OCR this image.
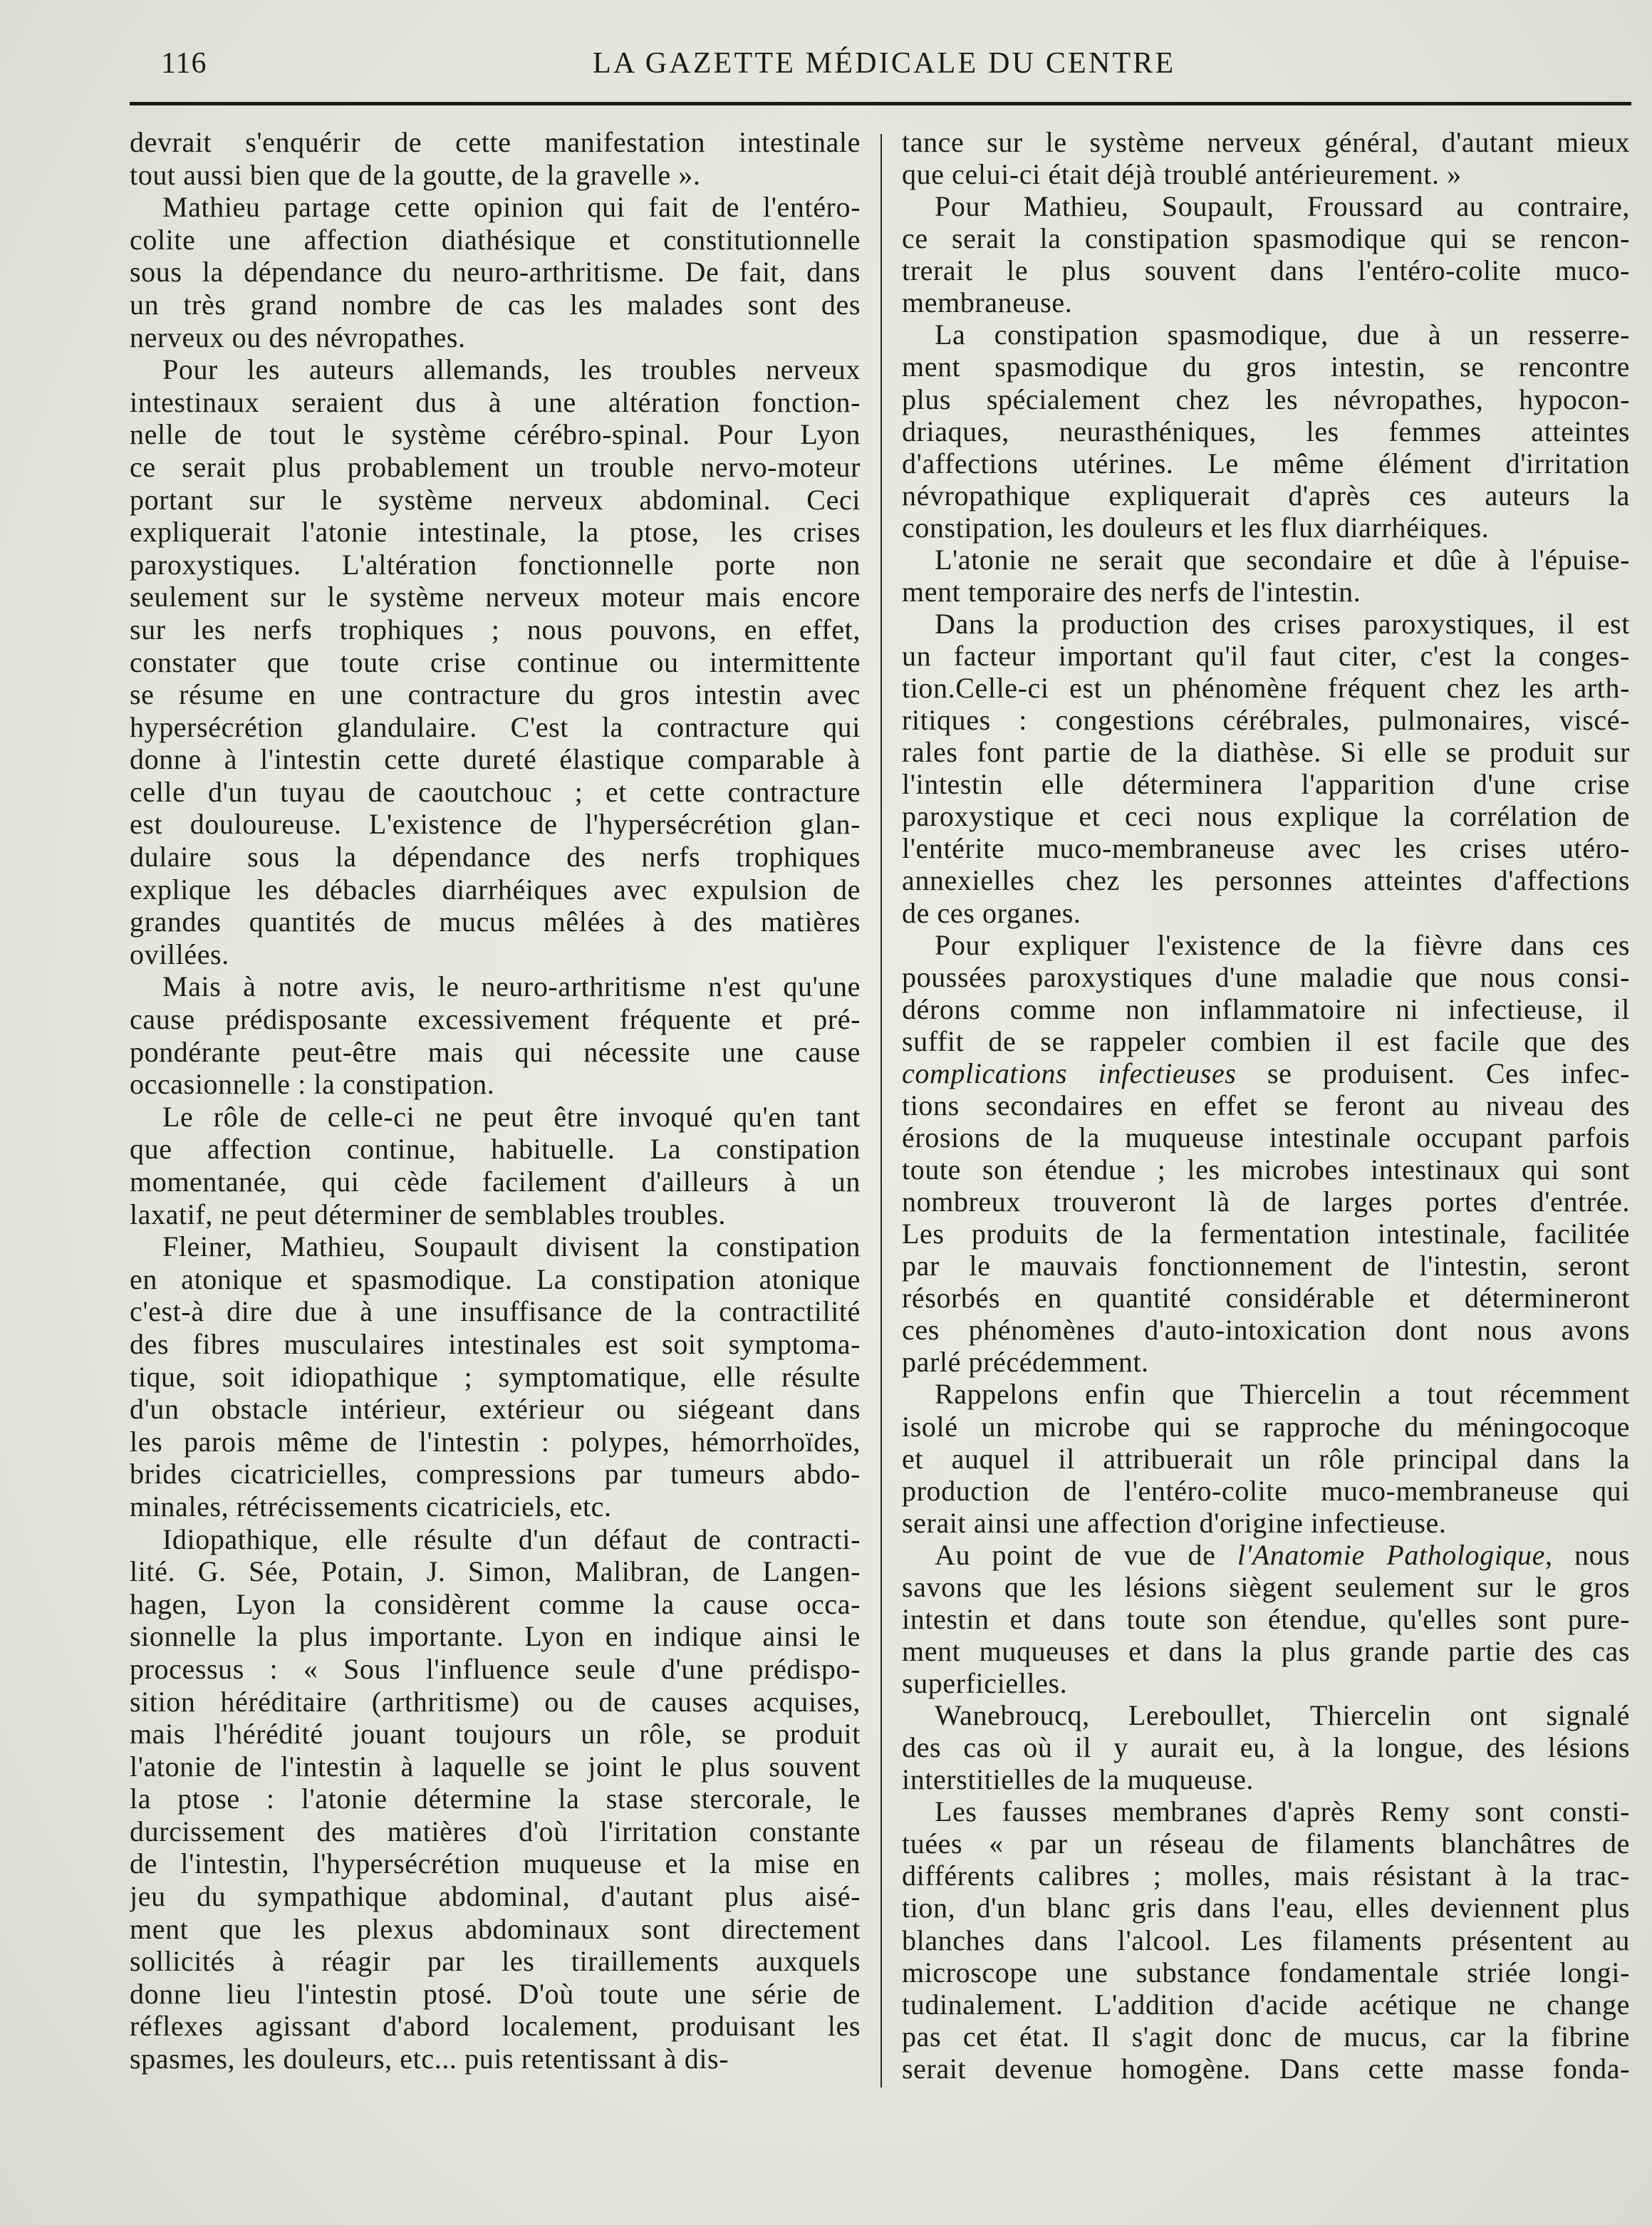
116	LA GAZETTE MÉDICALE DU CENTRE
devrait s'enquérir de cette manifestation intestinale
tout aussi bien que de la goutte, de la gravelle ».
Mathieu partage cette opinion qui fait de l'entéro-
colite une affection diathésique et constitutionnelle
sous la dépendance du neuro-arthritisme. De fait, dans
un très grand nombre de cas les malades sont des
nerveux ou des névropathes.
Pour les auteurs allemands, les troubles nerveux
intestinaux seraient dus à une altération fonction-
nelle de tout le système cérébro-spinal. Pour Lyon
ce serait plus probablement un trouble nervo-moteur
portant sur le système nerveux abdominal. Ceci
expliquerait l'atonie intestinale, la ptose, les crises
paroxystiques. L'altération fonctionnelle porte non
seulement sur le système nerveux moteur mais encore
sur les nerfs trophiques ; nous pouvons, en effet,
constater que toute crise continue ou intermittente
se résume en une contracture du gros intestin avec
hypersécrétion glandulaire. C'est la contracture qui
donne à l'intestin cette dureté élastique comparable à
celle d'un tuyau de caoutchouc ; et cette contracture
est douloureuse. L'existence de l'hypersécrétion glan-
dulaire sous la dépendance des nerfs trophiques
explique les débacles diarrhéiques avec expulsion de
grandes quantités de mucus mêlées à des matières
ovillées.
Mais à notre avis, le neuro-arthritisme n'est qu'une
cause prédisposante excessivement fréquente et pré-
pondérante peut-être mais qui nécessite une cause
occasionnelle : la constipation.
Le rôle de celle-ci ne peut être invoqué qu'en tant
que affection continue, habituelle. La constipation
momentanée, qui cède facilement d'ailleurs à un
laxatif, ne peut déterminer de semblables troubles.
Fleiner, Mathieu, Soupault divisent la constipation
en atonique et spasmodique. La constipation atonique
c'est-à dire due à une insuffisance de la contractilité
des fibres musculaires intestinales est soit symptoma-
tique, soit idiopathique ; symptomatique, elle résulte
d'un obstacle intérieur, extérieur ou siégeant dans
les parois même de l'intestin : polypes, hémorrhoïdes,
brides cicatricielles, compressions par tumeurs abdo-
minales, rétrécissements cicatriciels, etc.
Idiopathique, elle résulte d'un défaut de contracti-
lité. G. Sée, Potain, J. Simon, Malibran, de Langen-
hagen, Lyon la considèrent comme la cause occa-
sionnelle la plus importante. Lyon en indique ainsi le
processus : « Sous l'influence seule d'une prédispo-
sition héréditaire (arthritisme) ou de causes acquises,
mais l'hérédité jouant toujours un rôle, se produit
l'atonie de l'intestin à laquelle se joint le plus souvent
la ptose : l'atonie détermine la stase stercorale, le
durcissement des matières d'où l'irritation constante
de l'intestin, l'hypersécrétion muqueuse et la mise en
jeu du sympathique abdominal, d'autant plus aisé-
ment que les plexus abdominaux sont directement
sollicités à réagir par les tiraillements auxquels
donne lieu l'intestin ptosé. D'où toute une série de
réflexes agissant d'abord localement, produisant les
spasmes, les douleurs, etc... puis retentissant à dis-
tance sur le système nerveux général, d'autant mieux
que celui-ci était déjà troublé antérieurement. »
Pour Mathieu, Soupault, Froussard au contraire,
ce serait la constipation spasmodique qui se rencon-
trerait le plus souvent dans l'entéro-colite muco-
membraneuse.
La constipation spasmodique, due à un resserre-
ment spasmodique du gros intestin, se rencontre
plus spécialement chez les névropathes, hypocon-
driaques, neurasthéniques, les femmes atteintes
d'affections utérines. Le même élément d'irritation
névropathique expliquerait d'après ces auteurs la
constipation, les douleurs et les flux diarrhéiques.
L'atonie ne serait que secondaire et dûe à l'épuise-
ment temporaire des nerfs de l'intestin.
Dans la production des crises paroxystiques, il est
un facteur important qu'il faut citer, c'est la conges-
tion.Celle-ci est un phénomène fréquent chez les arth-
ritiques : congestions cérébrales, pulmonaires, viscé-
rales font partie de la diathèse. Si elle se produit sur
l'intestin elle déterminera l'apparition d'une crise
paroxystique et ceci nous explique la corrélation de
l'entérite muco-membraneuse avec les crises utéro-
annexielles chez les personnes atteintes d'affections
de ces organes.
Pour expliquer l'existence de la fièvre dans ces
poussées paroxystiques d'une maladie que nous consi-
dérons comme non inflammatoire ni infectieuse, il
suffit de se rappeler combien il est facile que des
complications infectieuses se produisent. Ces infec-
tions secondaires en effet se feront au niveau des
érosions de la muqueuse intestinale occupant parfois
toute son étendue ; les microbes intestinaux qui sont
nombreux trouveront là de larges portes d'entrée.
Les produits de la fermentation intestinale, facilitée
par le mauvais fonctionnement de l'intestin, seront
résorbés en quantité considérable et détermineront
ces phénomènes d'auto-intoxication dont nous avons
parlé précédemment.
Rappelons enfin que Thiercelin a tout récemment
isolé un microbe qui se rapproche du méningocoque
et auquel il attribuerait un rôle principal dans la
production de l'entéro-colite muco-membraneuse qui
serait ainsi une affection d'origine infectieuse.
Au point de vue de l'Anatomie Pathologique, nous
savons que les lésions siègent seulement sur le gros
intestin et dans toute son étendue, qu'elles sont pure-
ment muqueuses et dans la plus grande partie des cas
superficielles.
Wanebroucq, Lereboullet, Thiercelin ont signalé
des cas où il y aurait eu, à la longue, des lésions
interstitielles de la muqueuse.
Les fausses membranes d'après Remy sont consti-
tuées « par un réseau de filaments blanchâtres de
différents calibres ; molles, mais résistant à la trac-
tion, d'un blanc gris dans l'eau, elles deviennent plus
blanches dans l'alcool. Les filaments présentent au
microscope une substance fondamentale striée longi-
tudinalement. L'addition d'acide acétique ne change
pas cet état. Il s'agit donc de mucus, car la fibrine
serait devenue homogène. Dans cette masse fonda-
